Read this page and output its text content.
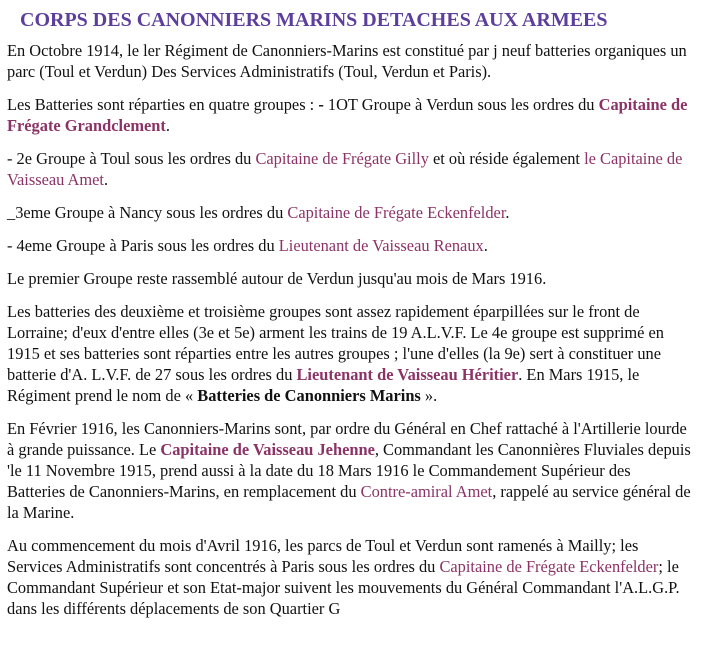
CORPS DES CANONNIERS MARINS DETACHES AUX ARMEES

En Octobre 1914, le ler Régiment de Canonniers-Marins est constitué par j neuf batteries organiques un parc (Toul et Verdun) Des Services Administratifs (Toul, Verdun et Paris).

Les Batteries sont réparties en quatre groupes : - 1OT Groupe à Verdun sous les ordres du Capitaine de Frégate Grandclement.

- 2e Groupe à Toul sous les ordres du Capitaine de Frégate Gilly et où réside également le Capitaine de Vaisseau Amet.

_3eme Groupe à Nancy sous les ordres du Capitaine de Frégate Eckenfelder.

- 4eme Groupe à Paris sous les ordres du Lieutenant de Vaisseau Renaux.

Le premier Groupe reste rassemblé autour de Verdun jusqu'au mois de Mars 1916.

Les batteries des deuxième et troisième groupes sont assez rapidement éparpillées sur le front de Lorraine; d'eux d'entre elles (3e et 5e) arment les trains de 19 A.L.V.F. Le 4e groupe est supprimé en 1915 et ses batteries sont réparties entre les autres groupes ; l'une d'elles (la 9e) sert à constituer une batterie d'A. L.V.F. de 27 sous les ordres du Lieutenant de Vaisseau Héritier. En Mars 1915, le Régiment prend le nom de « Batteries de Canonniers Marins ».

En Février 1916, les Canonniers-Marins sont, par ordre du Général en Chef rattaché à l'Artillerie lourde à grande puissance. Le Capitaine de Vaisseau Jehenne, Commandant les Canonnières Fluviales depuis 'le 11 Novembre 1915, prend aussi à la date du 18 Mars 1916 le Commandement Supérieur des Batteries de Canonniers-Marins, en remplacement du Contre-amiral Amet, rappelé au service général de la Marine.

Au commencement du mois d'Avril 1916, les parcs de Toul et Verdun sont ramenés à Mailly; les Services Administratifs sont concentrés à Paris sous les ordres du Capitaine de Frégate Eckenfelder; le Commandant Supérieur et son Etat-major suivent les mouvements du Général Commandant l'A.L.G.P. dans les différents déplacements de son Quartier G
